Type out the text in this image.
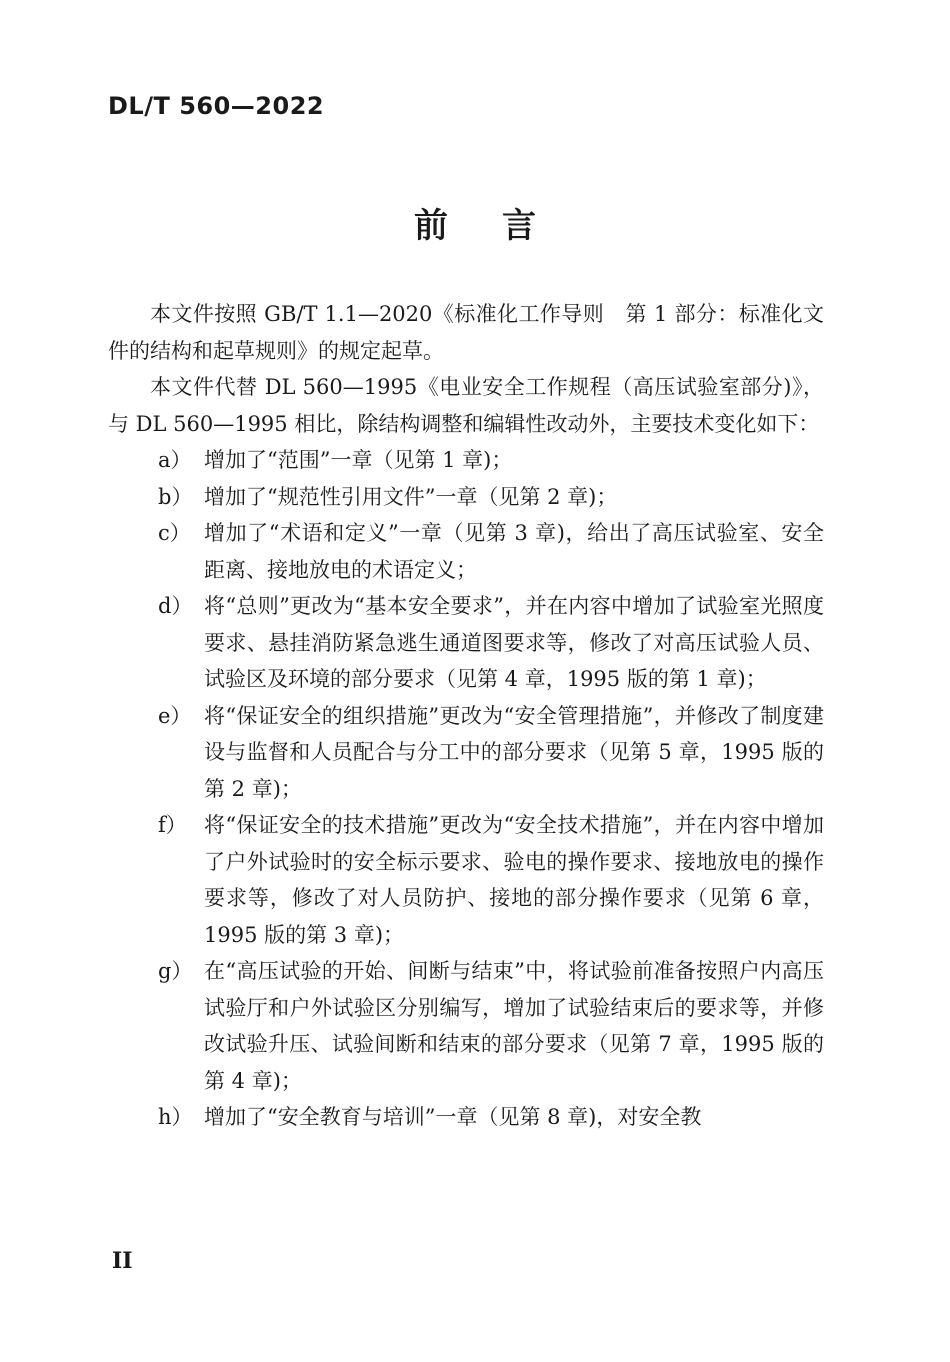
DL/T 560—2022
前言

本文件按照 GB/T 1.1—2020《标准化工作导则　第 1 部分：标准化文件的结构和起草规则》的规定起草。

本文件代替 DL 560—1995《电业安全工作规程（高压试验室部分)》，与 DL 560—1995 相比，除结构调整和编辑性改动外，主要技术变化如下：

a） 增加了“范围”一章（见第 1 章)；
b） 增加了“规范性引用文件”一章（见第 2 章)；
c） 增加了“术语和定义”一章（见第 3 章)，给出了高压试验室、安全距离、接地放电的术语定义；
d） 将“总则”更改为“基本安全要求”，并在内容中增加了试验室光照度要求、悬挂消防紧急逃生通道图要求等，修改了对高压试验人员、试验区及环境的部分要求（见第 4 章，1995 版的第 1 章)；
e） 将“保证安全的组织措施”更改为“安全管理措施”，并修改了制度建设与监督和人员配合与分工中的部分要求（见第 5 章，1995 版的第 2 章)；
f） 将“保证安全的技术措施”更改为“安全技术措施”，并在内容中增加了户外试验时的安全标示要求、验电的操作要求、接地放电的操作要求等，修改了对人员防护、接地的部分操作要求（见第 6 章，1995 版的第 3 章)；
g） 在“高压试验的开始、间断与结束”中，将试验前准备按照户内高压试验厅和户外试验区分别编写，增加了试验结束后的要求等，并修改试验升压、试验间断和结束的部分要求（见第 7 章，1995 版的第 4 章)；
h） 增加了“安全教育与培训”一章（见第 8 章)，对安全教
II
